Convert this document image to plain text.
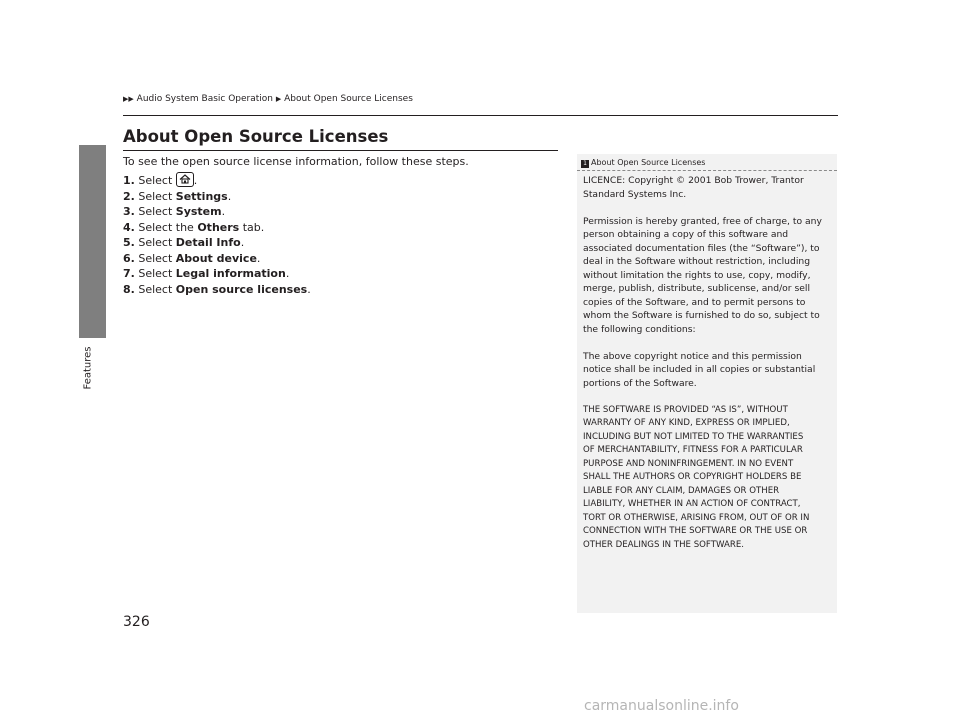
Features
▶▶ Audio System Basic Operation ▶ About Open Source Licenses
About Open Source Licenses

To see the open source license information, follow these steps.

1. Select
.
2. Select Settings.
3. Select System.
4. Select the Others tab.
5. Select Detail Info.
6. Select About device.
7. Select Legal information.
8. Select Open source licenses.
1 About Open Source Licenses

LICENCE: Copyright © 2001 Bob Trower, Trantor
Standard Systems Inc.

Permission is hereby granted, free of charge, to any
person obtaining a copy of this software and
associated documentation files (the “Software”), to
deal in the Software without restriction, including
without limitation the rights to use, copy, modify,
merge, publish, distribute, sublicense, and/or sell
copies of the Software, and to permit persons to
whom the Software is furnished to do so, subject to
the following conditions:

The above copyright notice and this permission
notice shall be included in all copies or substantial
portions of the Software.

THE SOFTWARE IS PROVIDED “AS IS”, WITHOUT
WARRANTY OF ANY KIND, EXPRESS OR IMPLIED,
INCLUDING BUT NOT LIMITED TO THE WARRANTIES
OF MERCHANTABILITY, FITNESS FOR A PARTICULAR
PURPOSE AND NONINFRINGEMENT. IN NO EVENT
SHALL THE AUTHORS OR COPYRIGHT HOLDERS BE
LIABLE FOR ANY CLAIM, DAMAGES OR OTHER
LIABILITY, WHETHER IN AN ACTION OF CONTRACT,
TORT OR OTHERWISE, ARISING FROM, OUT OF OR IN
CONNECTION WITH THE SOFTWARE OR THE USE OR
OTHER DEALINGS IN THE SOFTWARE.

326
carmanualsonline.info
